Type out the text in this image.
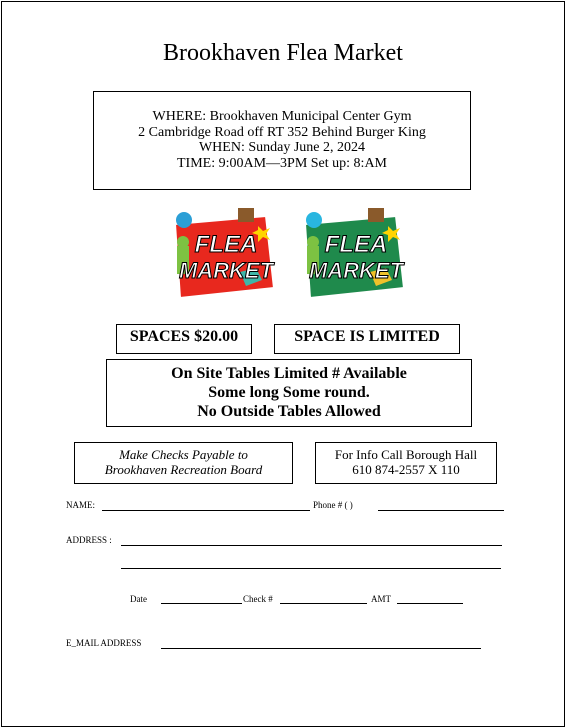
Brookhaven Flea Market
WHERE: Brookhaven Municipal Center Gym
2 Cambridge Road off RT 352 Behind Burger King
WHEN: Sunday June 2, 2024
TIME: 9:00AM—3PM Set up: 8:AM
FLEA
MARKET
FLEA
MARKET
SPACES $20.00	SPACE IS LIMITED
On Site Tables Limited # Available
Some long Some round.
No Outside Tables Allowed
Make Checks Payable to
Brookhaven Recreation Board
For Info Call Borough Hall
610 874-2557 X 110
NAME:	Phone # ( )
ADDRESS :
Date	Check #	AMT
E_MAIL ADDRESS
